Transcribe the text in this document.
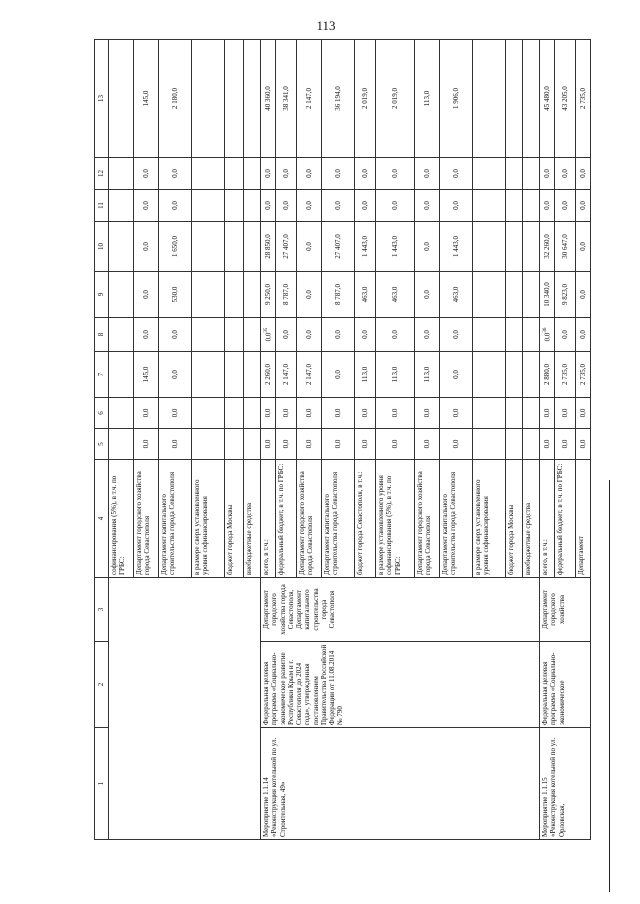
113
1	2	3	4	5	6	7	8	9	10	11	12	13
			софинансирования (5%), в т.ч. по ГРБС:									
			Департамент городского хозяйства города Севастополя	0,0	0,0	145,0	0,0	0,0	0,0	0,0	0,0	145,0
			Департамент капитального строительства города Севастополя	0,0	0,0	0,0	0,0	530,0	1 650,0	0,0	0,0	2 180,0
			в размере сверх установленного уровня софинансирования									
			бюджет города Москвы									
			внебюджетные средства									
Мероприятие 1.1.14 «Реконструкция котельной по ул. Строительная, 49»	Федеральная целевая программа «Социально-экономическое развитие Республики Крым и г. Севастополя до 2024 года», утвержденная постановлением Правительства Российской Федерации от 11.08.2014 № 790	Департамент городского хозяйства города Севастополя, Департамент капитального строительства города Севастополя	всего, в т.ч.:	0,0	0,0	2 260,0	$0,0^{35}$	9 250,0	28 850,0	0,0	0,0	40 360,0
			федеральный бюджет, в т.ч. по ГРБС:	0,0	0,0	2 147,0	0,0	8 787,0	27 407,0	0,0	0,0	38 341,0
			Департамент городского хозяйства города Севастополя	0,0	0,0	2 147,0	0,0	0,0	0,0	0,0	0,0	2 147,0
			Департамент капитального строительства города Севастополя	0,0	0,0	0,0	0,0	8 787,0	27 407,0	0,0	0,0	36 194,0
			бюджет города Севастополя, в т.ч.:	0,0	0,0	113,0	0,0	463,0	1 443,0	0,0	0,0	2 019,0
			в размере установленного уровня софинансирования (5%), в т.ч. по ГРБС:	0,0	0,0	113,0	0,0	463,0	1 443,0	0,0	0,0	2 019,0
			Департамент городского хозяйства города Севастополя	0,0	0,0	113,0	0,0	0,0	0,0	0,0	0,0	113,0
			Департамент капитального строительства города Севастополя	0,0	0,0	0,0	0,0	463,0	1 443,0	0,0	0,0	1 906,0
			в размере сверх установленного уровня софинансирования									
			бюджет города Москвы									
			внебюджетные средства									
Мероприятие 1.1.15 «Реконструкция котельной по ул. Орловская,	Федеральная целевая программа «Социально-экономическое	Департамент городского хозяйства	всего, в т.ч.:	0,0	0,0	2 880,0	$0,0^{36}$	10 340,0	32 260,0	0,0	0,0	45 480,0
			федеральный бюджет, в т.ч. по ГРБС:	0,0	0,0	2 735,0	0,0	9 823,0	30 647,0	0,0	0,0	43 205,0
			Департамент	0,0	0,0	2 735,0	0,0	0,0	0,0	0,0	0,0	2 735,0
